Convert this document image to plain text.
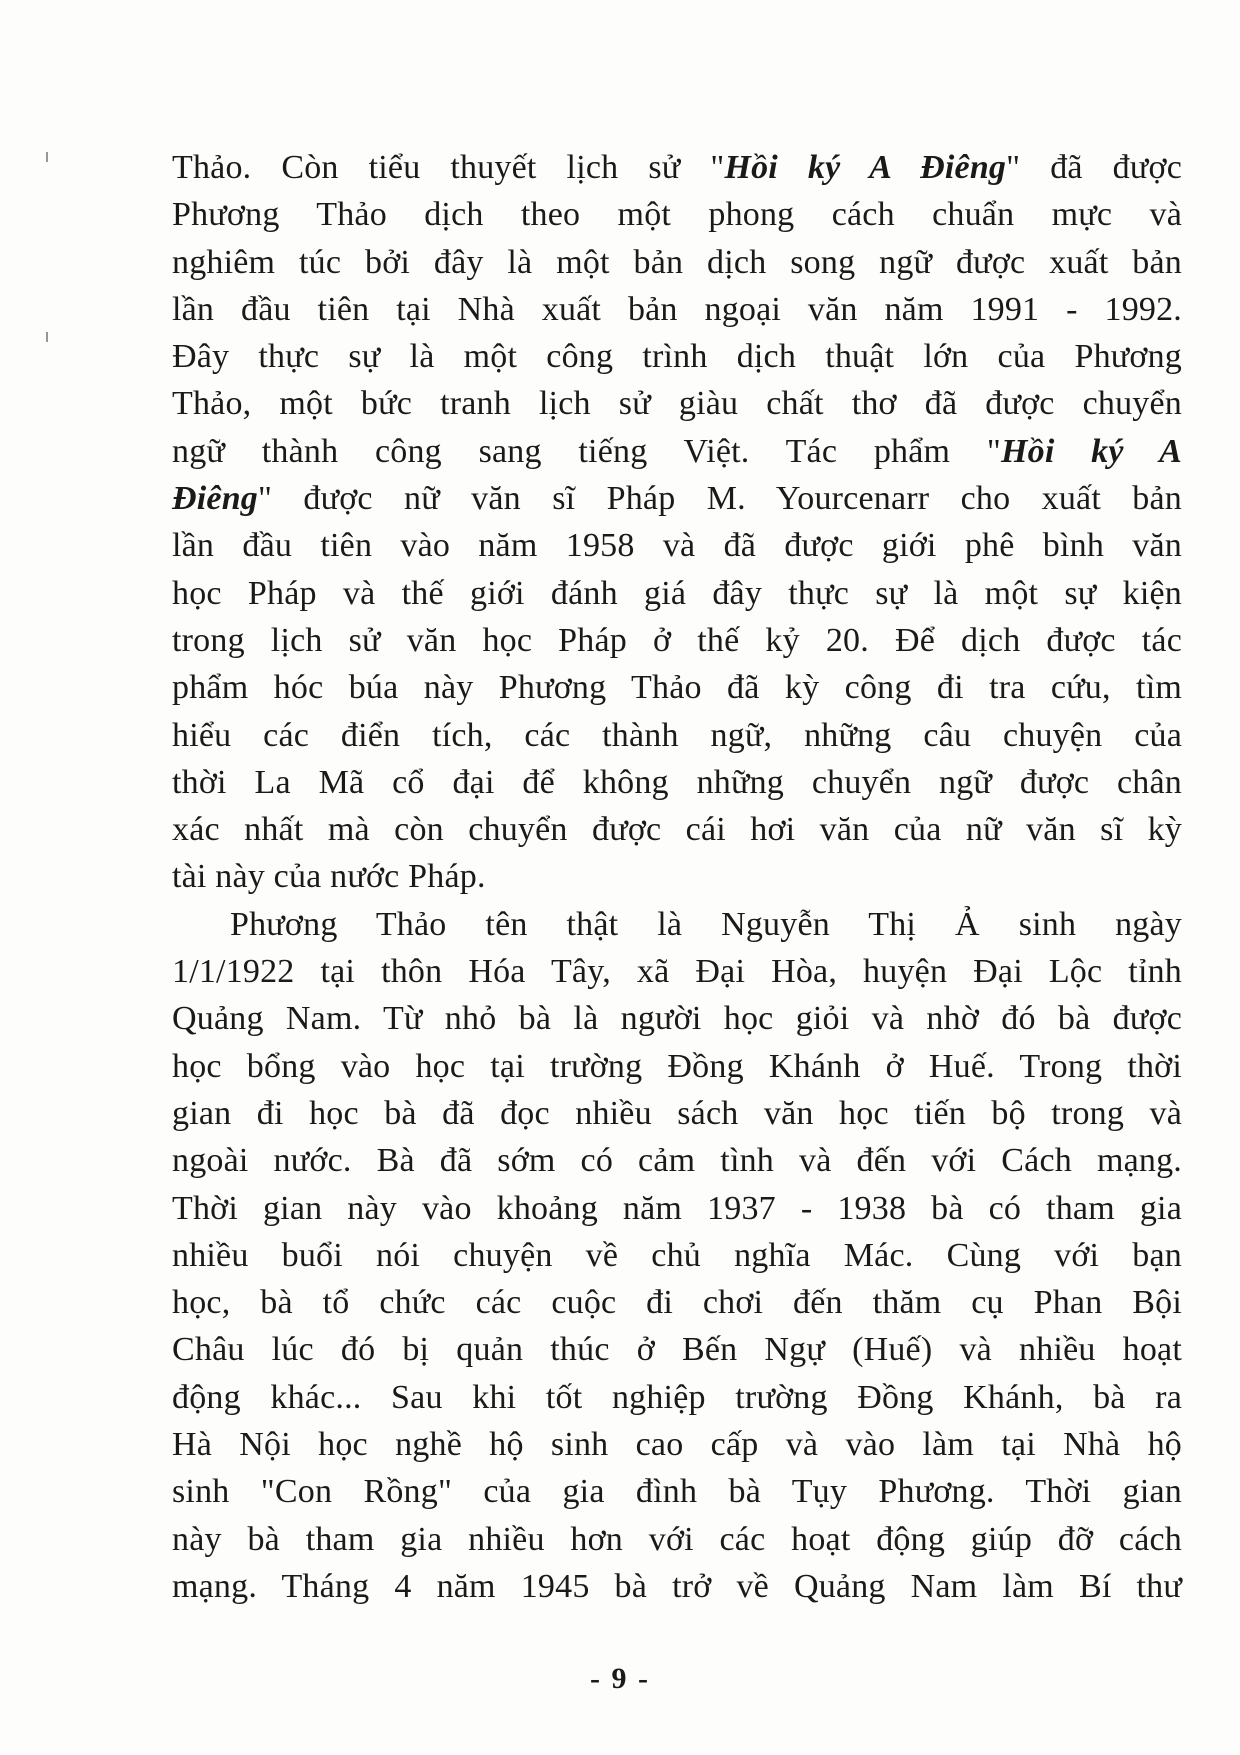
Thảo. Còn tiểu thuyết lịch sử "Hồi ký A Điêng" đã được
Phương Thảo dịch theo một phong cách chuẩn mực và
nghiêm túc bởi đây là một bản dịch song ngữ được xuất bản
lần đầu tiên tại Nhà xuất bản ngoại văn năm 1991 - 1992.
Đây thực sự là một công trình dịch thuật lớn của Phương
Thảo, một bức tranh lịch sử giàu chất thơ đã được chuyển
ngữ thành công sang tiếng Việt. Tác phẩm "Hồi ký A
Điêng" được nữ văn sĩ Pháp M. Yourcenarr cho xuất bản
lần đầu tiên vào năm 1958 và đã được giới phê bình văn
học Pháp và thế giới đánh giá đây thực sự là một sự kiện
trong lịch sử văn học Pháp ở thế kỷ 20. Để dịch được tác
phẩm hóc búa này Phương Thảo đã kỳ công đi tra cứu, tìm
hiểu các điển tích, các thành ngữ, những câu chuyện của
thời La Mã cổ đại để không những chuyển ngữ được chân
xác nhất mà còn chuyển được cái hơi văn của nữ văn sĩ kỳ
tài này của nước Pháp.
Phương Thảo tên thật là Nguyễn Thị Ả sinh ngày
1/1/1922 tại thôn Hóa Tây, xã Đại Hòa, huyện Đại Lộc tỉnh
Quảng Nam. Từ nhỏ bà là người học giỏi và nhờ đó bà được
học bổng vào học tại trường Đồng Khánh ở Huế. Trong thời
gian đi học bà đã đọc nhiều sách văn học tiến bộ trong và
ngoài nước. Bà đã sớm có cảm tình và đến với Cách mạng.
Thời gian này vào khoảng năm 1937 - 1938 bà có tham gia
nhiều buổi nói chuyện về chủ nghĩa Mác. Cùng với bạn
học, bà tổ chức các cuộc đi chơi đến thăm cụ Phan Bội
Châu lúc đó bị quản thúc ở Bến Ngự (Huế) và nhiều hoạt
động khác... Sau khi tốt nghiệp trường Đồng Khánh, bà ra
Hà Nội học nghề hộ sinh cao cấp và vào làm tại Nhà hộ
sinh "Con Rồng" của gia đình bà Tụy Phương. Thời gian
này bà tham gia nhiều hơn với các hoạt động giúp đỡ cách
mạng. Tháng 4 năm 1945 bà trở về Quảng Nam làm Bí thư
- 9 -
